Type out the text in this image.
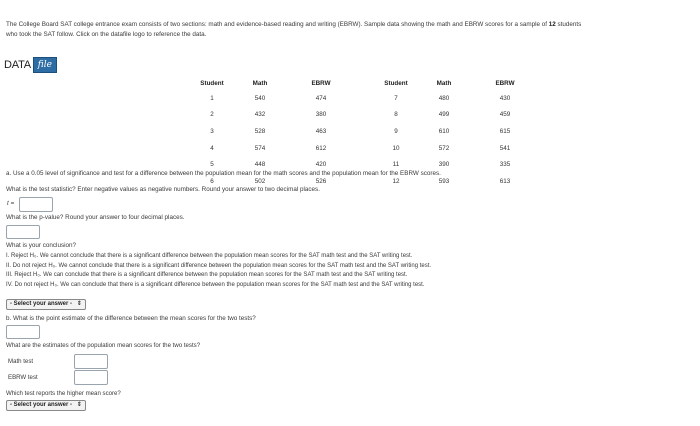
The College Board SAT college entrance exam consists of two sections: math and evidence-based reading and writing (EBRW). Sample data showing the math and EBRW scores for a sample of 12 students
who took the SAT follow. Click on the datafile logo to reference the data.
DATA file
Student	Math	EBRW		Student	Math	EBRW
1	540	474		7	480	430
2	432	380		8	499	459
3	528	463		9	610	615
4	574	612		10	572	541
5	448	420		11	390	335
6	502	526		12	593	613
a. Use a 0.05 level of significance and test for a difference between the population mean for the math scores and the population mean for the EBRW scores.
What is the test statistic? Enter negative values as negative numbers. Round your answer to two decimal places.
t =
What is the p-value? Round your answer to four decimal places.
What is your conclusion?
I. Reject H₀. We cannot conclude that there is a significant difference between the population mean scores for the SAT math test and the SAT writing test.
II. Do not reject H₀. We cannot conclude that there is a significant difference between the population mean scores for the SAT math test and the SAT writing test.
III. Reject H₀. We can conclude that there is a significant difference between the population mean scores for the SAT math test and the SAT writing test.
IV. Do not reject H₀. We can conclude that there is a significant difference between the population mean scores for the SAT math test and the SAT writing test.
- Select your answer - ⇕
b. What is the point estimate of the difference between the mean scores for the two tests?
What are the estimates of the population mean scores for the two tests?
Math test
EBRW test
Which test reports the higher mean score?
- Select your answer - ⇕
